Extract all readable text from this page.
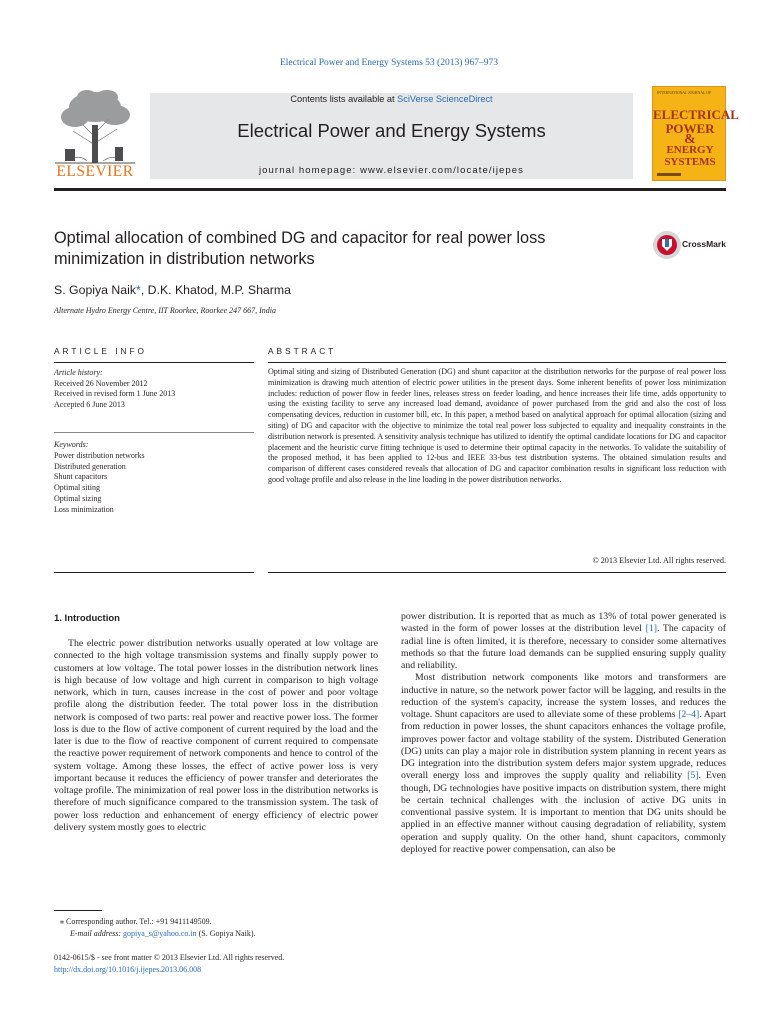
Electrical Power and Energy Systems 53 (2013) 967–973
ELSEVIER
Contents lists available at SciVerse ScienceDirect
Electrical Power and Energy Systems
journal homepage: www.elsevier.com/locate/ijepes
INTERNATIONAL JOURNAL OF
ELECTRICAL
POWER
&
ENERGY
SYSTEMS
Optimal allocation of combined DG and capacitor for real power loss minimization in distribution networks
CrossMark
S. Gopiya Naik*, D.K. Khatod, M.P. Sharma
Alternate Hydro Energy Centre, IIT Roorkee, Roorkee 247 667, India
ARTICLE INFO	ABSTRACT
Article history:
Received 26 November 2012
Received in revised form 1 June 2013
Accepted 6 June 2013
Keywords:
Power distribution networks
Distributed generation
Shunt capacitors
Optimal siting
Optimal sizing
Loss minimization
Optimal siting and sizing of Distributed Generation (DG) and shunt capacitor at the distribution networks for the purpose of real power loss minimization is drawing much attention of electric power utilities in the present days. Some inherent benefits of power loss minimization includes: reduction of power flow in feeder lines, releases stress on feeder loading, and hence increases their life time, adds opportunity to using the existing facility to serve any increased load demand, avoidance of power purchased from the grid and also the cost of loss compensating devices, reduction in customer bill, etc. In this paper, a method based on analytical approach for optimal allocation (sizing and siting) of DG and capacitor with the objective to minimize the total real power loss subjected to equality and inequality constraints in the distribution network is presented. A sensitivity analysis technique has utilized to identify the optimal candidate locations for DG and capacitor placement and the heuristic curve fitting technique is used to determine their optimal capacity in the networks. To validate the suitability of the proposed method, it has been applied to 12-bus and IEEE 33-bus test distribution systems. The obtained simulation results and comparison of different cases considered reveals that allocation of DG and capacitor combination results in significant loss reduction with good voltage profile and also release in the line loading in the power distribution networks.
© 2013 Elsevier Ltd. All rights reserved.
1. Introduction

The electric power distribution networks usually operated at low voltage are connected to the high voltage transmission systems and finally supply power to customers at low voltage. The total power losses in the distribution network lines is high because of low voltage and high current in comparison to high voltage network, which in turn, causes increase in the cost of power and poor voltage profile along the distribution feeder. The total power loss in the distribution network is composed of two parts: real power and reactive power loss. The former loss is due to the flow of active component of current required by the load and the later is due to the flow of reactive component of current required to compensate the reactive power requirement of network components and hence to control of the system voltage. Among these losses, the effect of active power loss is very important because it reduces the efficiency of power transfer and deteriorates the voltage profile. The minimization of real power loss in the distribution networks is therefore of much significance compared to the transmission system. The task of power loss reduction and enhancement of energy efficiency of electric power delivery system mostly goes to electric

power distribution. It is reported that as much as 13% of total power generated is wasted in the form of power losses at the distribution level [1]. The capacity of radial line is often limited, it is therefore, necessary to consider some alternatives methods so that the future load demands can be supplied ensuring supply quality and reliability.

Most distribution network components like motors and transformers are inductive in nature, so the network power factor will be lagging, and results in the reduction of the system's capacity, increase the system losses, and reduces the voltage. Shunt capacitors are used to alleviate some of these problems [2–4]. Apart from reduction in power losses, the shunt capacitors enhances the voltage profile, improves power factor and voltage stability of the system. Distributed Generation (DG) units can play a major role in distribution system planning in recent years as DG integration into the distribution system defers major system upgrade, reduces overall energy loss and improves the supply quality and reliability [5]. Even though, DG technologies have positive impacts on distribution system, there might be certain technical challenges with the inclusion of active DG units in conventional passive system. It is important to mention that DG units should be applied in an effective manner without causing degradation of reliability, system operation and supply quality. On the other hand, shunt capacitors, commonly deployed for reactive power compensation, can also be

⁎ Corresponding author. Tel.: +91 9411149509.
E-mail address: gopiya_s@yahoo.co.in (S. Gopiya Naik).
0142-0615/$ - see front matter © 2013 Elsevier Ltd. All rights reserved.
http://dx.doi.org/10.1016/j.ijepes.2013.06.008
